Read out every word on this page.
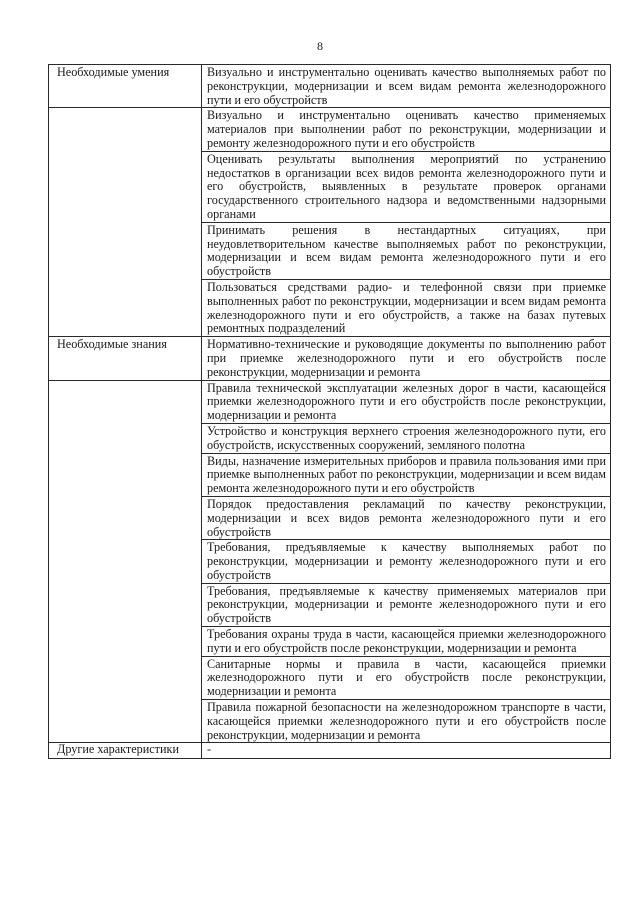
8
Необходимые умения	Визуально и инструментально оценивать качество выполняемых работ по реконструкции, модернизации и всем видам ремонта железнодорожного пути и его обустройств
	Визуально и инструментально оценивать качество применяемых материалов при выполнении работ по реконструкции, модернизации и ремонту железнодорожного пути и его обустройств
	Оценивать результаты выполнения мероприятий по устранению недостатков в организации всех видов ремонта железнодорожного пути и его обустройств, выявленных в результате проверок органами государственного строительного надзора и ведомственными надзорными органами
	Принимать решения в нестандартных ситуациях, при неудовлетворительном качестве выполняемых работ по реконструкции, модернизации и всем видам ремонта железнодорожного пути и его обустройств
	Пользоваться средствами радио- и телефонной связи при приемке выполненных работ по реконструкции, модернизации и всем видам ремонта железнодорожного пути и его обустройств, а также на базах путевых ремонтных подразделений
Необходимые знания	Нормативно-технические и руководящие документы по выполнению работ при приемке железнодорожного пути и его обустройств после реконструкции, модернизации и ремонта
	Правила технической эксплуатации железных дорог в части, касающейся приемки железнодорожного пути и его обустройств после реконструкции, модернизации и ремонта
	Устройство и конструкция верхнего строения железнодорожного пути, его обустройств, искусственных сооружений, земляного полотна
	Виды, назначение измерительных приборов и правила пользования ими при приемке выполненных работ по реконструкции, модернизации и всем видам ремонта железнодорожного пути и его обустройств
	Порядок предоставления рекламаций по качеству реконструкции, модернизации и всех видов ремонта железнодорожного пути и его обустройств
	Требования, предъявляемые к качеству выполняемых работ по реконструкции, модернизации и ремонту железнодорожного пути и его обустройств
	Требования, предъявляемые к качеству применяемых материалов при реконструкции, модернизации и ремонте железнодорожного пути и его обустройств
	Требования охраны труда в части, касающейся приемки железнодорожного пути и его обустройств после реконструкции, модернизации и ремонта
	Санитарные нормы и правила в части, касающейся приемки железнодорожного пути и его обустройств после реконструкции, модернизации и ремонта
	Правила пожарной безопасности на железнодорожном транспорте в части, касающейся приемки железнодорожного пути и его обустройств после реконструкции, модернизации и ремонта
Другие характеристики	-
